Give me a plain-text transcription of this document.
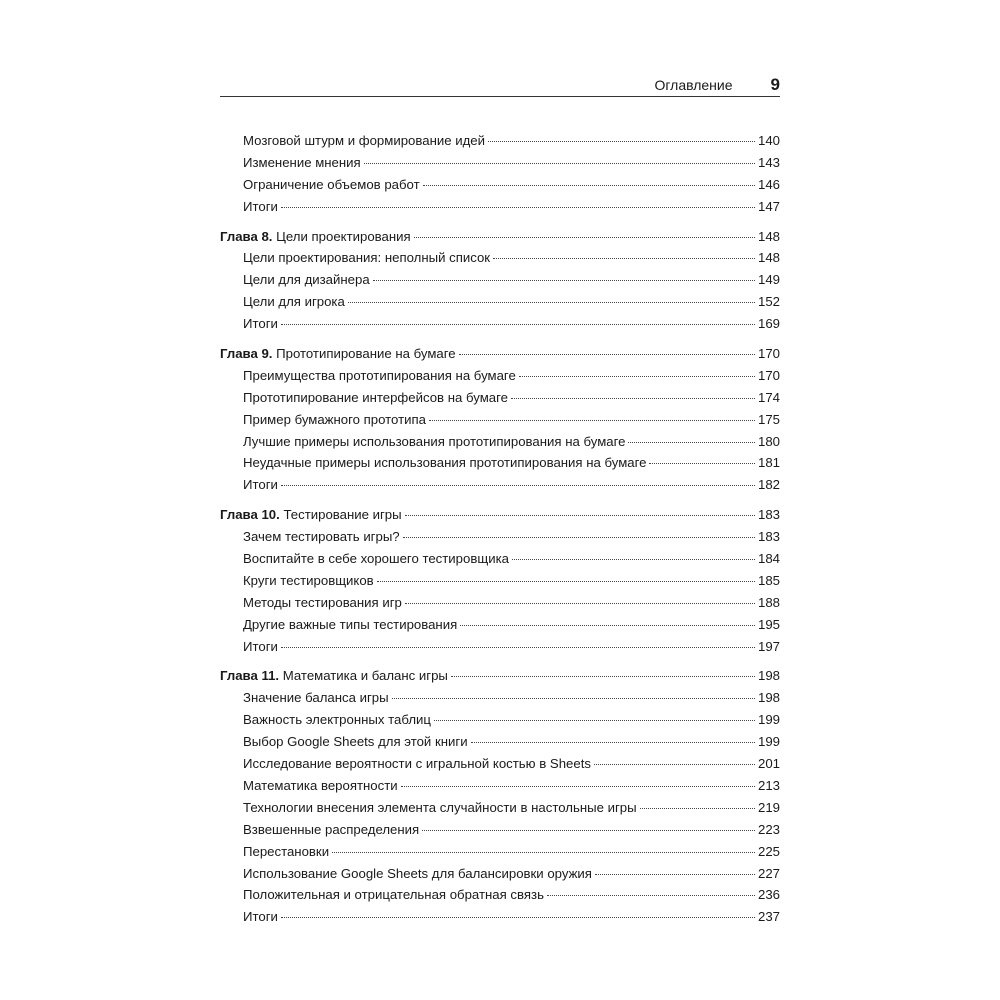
Оглавление 9
Мозговой штурм и формирование идей	140
Изменение мнения	143
Ограничение объемов работ	146
Итоги	147
Глава 8. Цели проектирования	148
Цели проектирования: неполный список	148
Цели для дизайнера	149
Цели для игрока	152
Итоги	169
Глава 9. Прототипирование на бумаге	170
Преимущества прототипирования на бумаге	170
Прототипирование интерфейсов на бумаге	174
Пример бумажного прототипа	175
Лучшие примеры использования прототипирования на бумаге	180
Неудачные примеры использования прототипирования на бумаге	181
Итоги	182
Глава 10. Тестирование игры	183
Зачем тестировать игры?	183
Воспитайте в себе хорошего тестировщика	184
Круги тестировщиков	185
Методы тестирования игр	188
Другие важные типы тестирования	195
Итоги	197
Глава 11. Математика и баланс игры	198
Значение баланса игры	198
Важность электронных таблиц	199
Выбор Google Sheets для этой книги	199
Исследование вероятности с игральной костью в Sheets	201
Математика вероятности	213
Технологии внесения элемента случайности в настольные игры	219
Взвешенные распределения	223
Перестановки	225
Использование Google Sheets для балансировки оружия	227
Положительная и отрицательная обратная связь	236
Итоги	237
